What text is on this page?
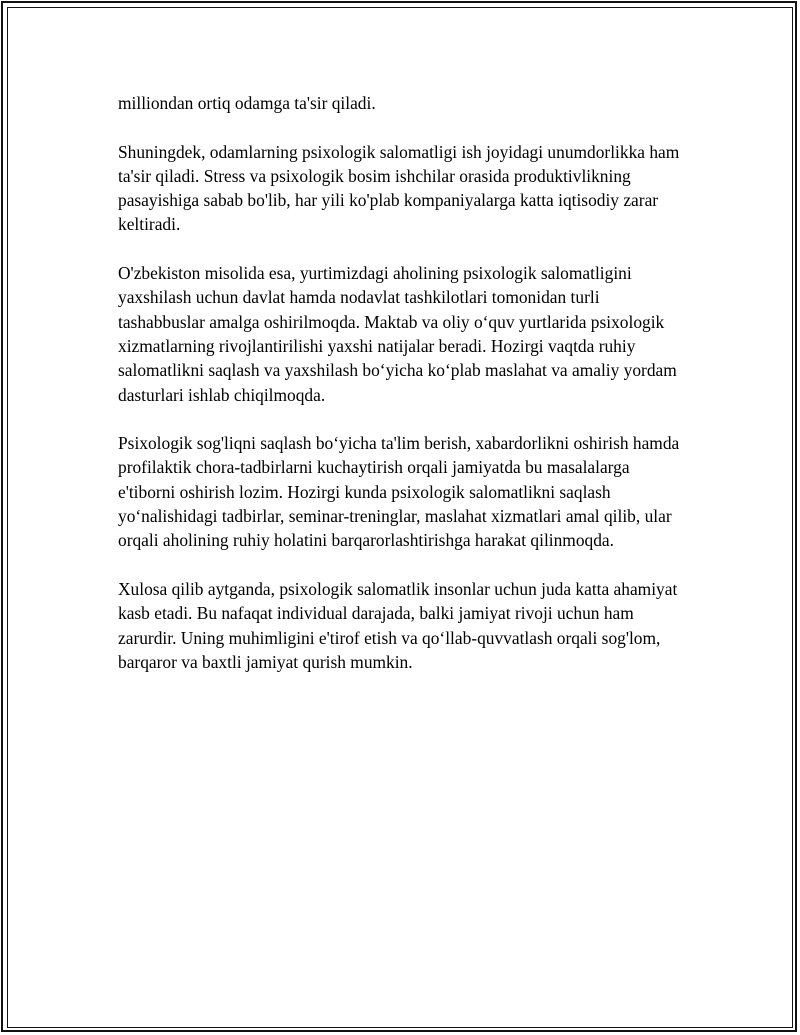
milliondan ortiq odamga ta'sir qiladi.

Shuningdek, odamlarning psixologik salomatligi ish joyidagi unumdorlikka ham ta'sir qiladi. Stress va psixologik bosim ishchilar orasida produktivlikning pasayishiga sabab bo'lib, har yili ko'plab kompaniyalarga katta iqtisodiy zarar keltiradi.

O'zbekiston misolida esa, yurtimizdagi aholining psixologik salomatligini yaxshilash uchun davlat hamda nodavlat tashkilotlari tomonidan turli tashabbuslar amalga oshirilmoqda. Maktab va oliy o‘quv yurtlarida psixologik xizmatlarning rivojlantirilishi yaxshi natijalar beradi. Hozirgi vaqtda ruhiy salomatlikni saqlash va yaxshilash bo‘yicha ko‘plab maslahat va amaliy yordam dasturlari ishlab chiqilmoqda.

Psixologik sog'liqni saqlash bo‘yicha ta'lim berish, xabardorlikni oshirish hamda profilaktik chora-tadbirlarni kuchaytirish orqali jamiyatda bu masalalarga e'tiborni oshirish lozim. Hozirgi kunda psixologik salomatlikni saqlash yo‘nalishidagi tadbirlar, seminar-treninglar, maslahat xizmatlari amal qilib, ular orqali aholining ruhiy holatini barqarorlashtirishga harakat qilinmoqda.

Xulosa qilib aytganda, psixologik salomatlik insonlar uchun juda katta ahamiyat kasb etadi. Bu nafaqat individual darajada, balki jamiyat rivoji uchun ham zarurdir. Uning muhimligini e'tirof etish va qo‘llab-quvvatlash orqali sog'lom, barqaror va baxtli jamiyat qurish mumkin.
